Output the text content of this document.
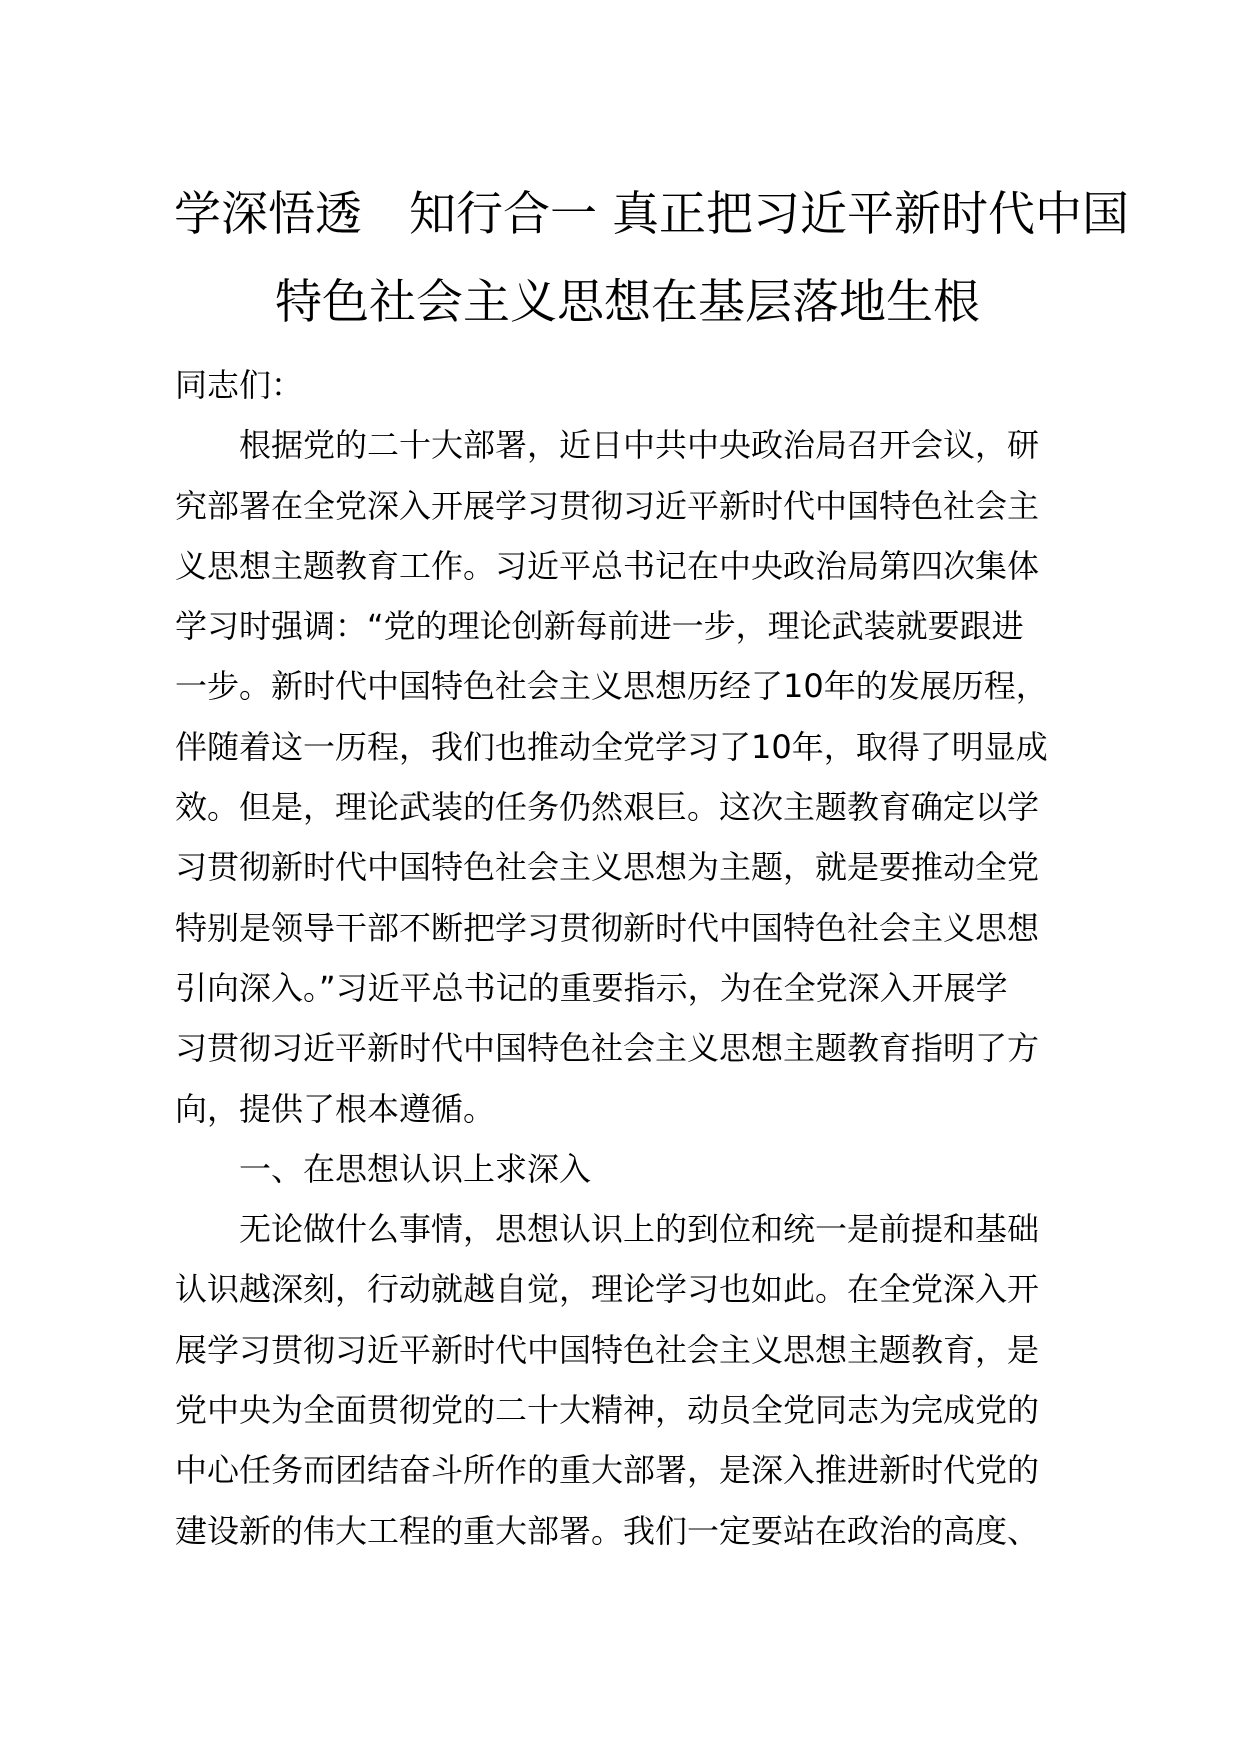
学深悟透　知行合一 真正把习近平新时代中国
特色社会主义思想在基层落地生根
同志们：
　　根据党的二十大部署，近日中共中央政治局召开会议，研
究部署在全党深入开展学习贯彻习近平新时代中国特色社会主
义思想主题教育工作。习近平总书记在中央政治局第四次集体
学习时强调：“党的理论创新每前进一步，理论武装就要跟进
一步。新时代中国特色社会主义思想历经了10年的发展历程，
伴随着这一历程，我们也推动全党学习了10年，取得了明显成
效。但是，理论武装的任务仍然艰巨。这次主题教育确定以学
习贯彻新时代中国特色社会主义思想为主题，就是要推动全党
特别是领导干部不断把学习贯彻新时代中国特色社会主义思想
引向深入。”习近平总书记的重要指示，为在全党深入开展学
习贯彻习近平新时代中国特色社会主义思想主题教育指明了方
向，提供了根本遵循。
　　一、在思想认识上求深入
　　无论做什么事情，思想认识上的到位和统一是前提和基础
认识越深刻，行动就越自觉，理论学习也如此。在全党深入开
展学习贯彻习近平新时代中国特色社会主义思想主题教育，是
党中央为全面贯彻党的二十大精神，动员全党同志为完成党的
中心任务而团结奋斗所作的重大部署，是深入推进新时代党的
建设新的伟大工程的重大部署。我们一定要站在政治的高度、
